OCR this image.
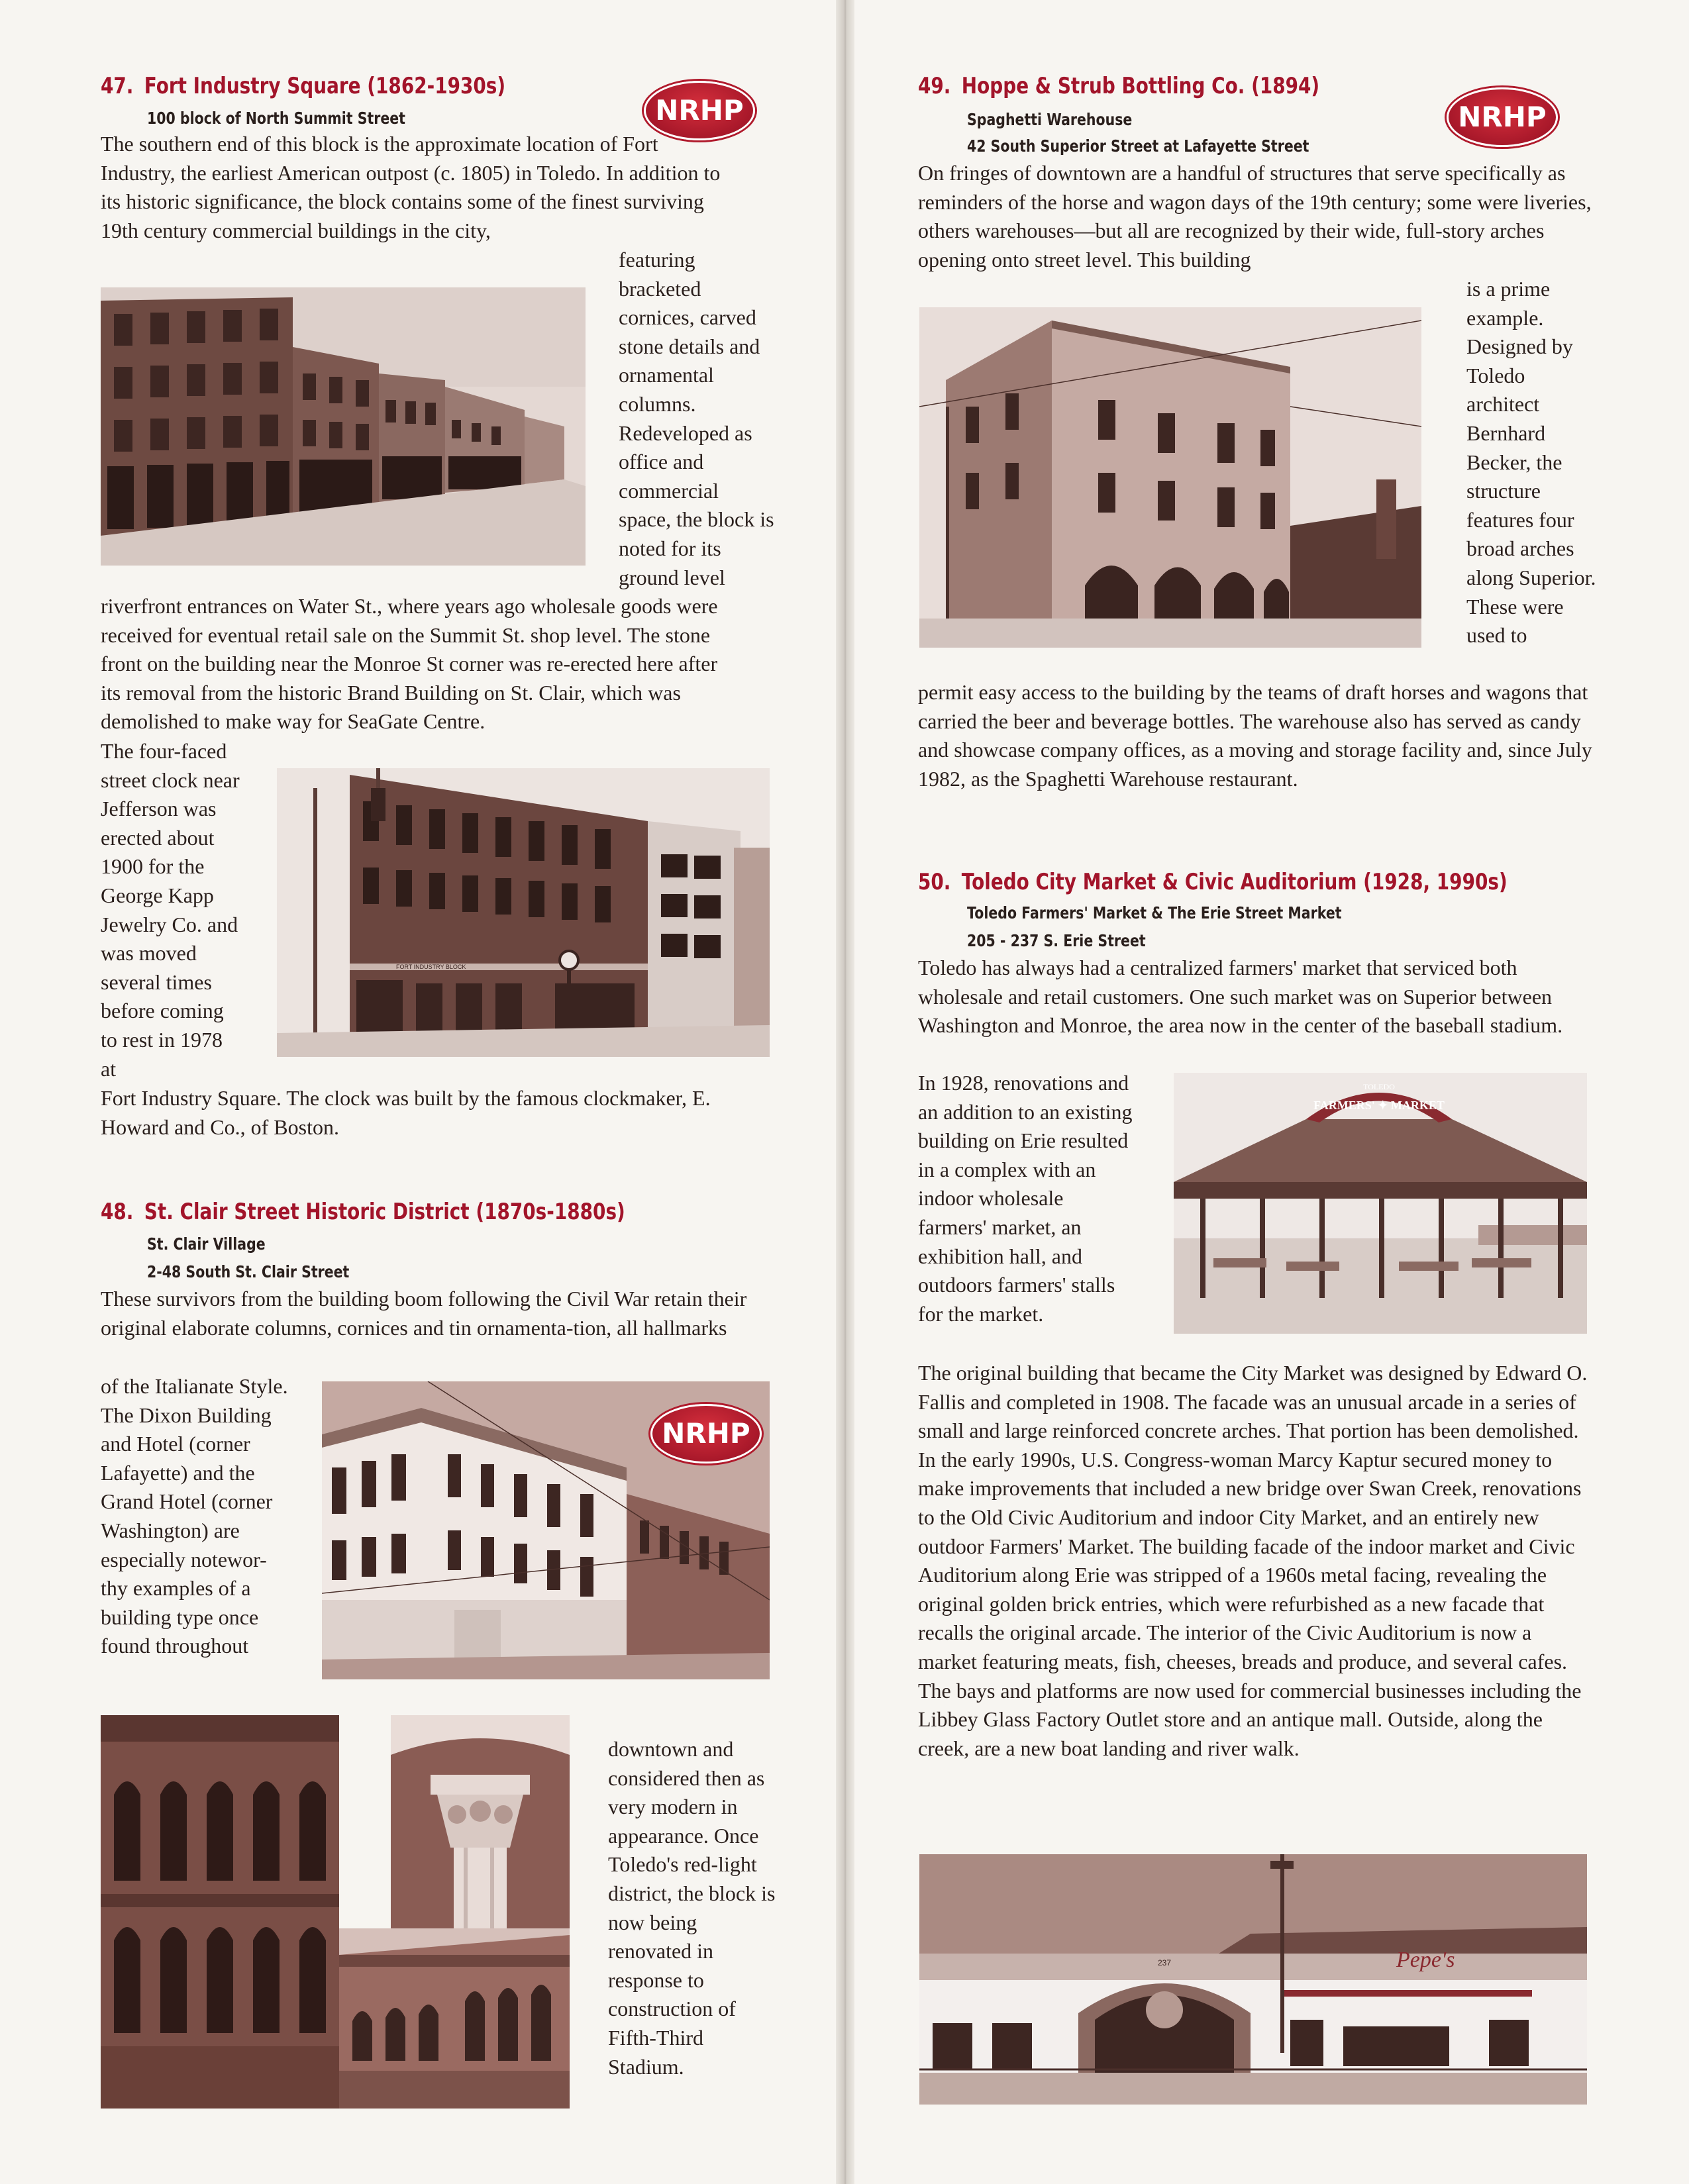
47. Fort Industry Square (1862-1930s)
100 block of North Summit Street	NRHP

The southern end of this block is the approximate location of Fort Industry, the earliest American outpost (c. 1805) in Toledo. In addition to its historic significance, the block contains some of the finest surviving 19th century commercial buildings in the city,

featuring bracketed cornices, carved stone details and ornamental columns. Redeveloped as office and commercial space, the block is noted for its ground level

riverfront entrances on Water St., where years ago wholesale goods were received for eventual retail sale on the Summit St. shop level. The stone front on the building near the Monroe St corner was re-erected here after its removal from the historic Brand Building on St. Clair, which was demolished to make way for SeaGate Centre.

The four-faced street clock near Jefferson was erected about 1900 for the George Kapp Jewelry Co. and was moved several times before coming to rest in 1978 at

Fort Industry Square. The clock was built by the famous clockmaker, E. Howard and Co., of Boston.

FORT INDUSTRY BLOCK
48. St. Clair Street Historic District (1870s-1880s)
St. Clair Village
2-48 South St. Clair Street

These survivors from the building boom following the Civil War retain their original elaborate columns, cornices and tin ornamenta-tion, all hallmarks

of the Italianate Style. The Dixon Building and Hotel (corner Lafayette) and the Grand Hotel (corner Washington) are especially notewor-thy examples of a building type once found throughout

downtown and considered then as very modern in appearance. Once Toledo's red-light district, the block is now being renovated in response to construction of Fifth-Third Stadium.

NRHP
49. Hoppe & Strub Bottling Co. (1894)
Spaghetti Warehouse
42 South Superior Street at Lafayette Street
NRHP

On fringes of downtown are a handful of structures that serve specifically as reminders of the horse and wagon days of the 19th century; some were liveries, others warehouses—but all are recognized by their wide, full-story arches opening onto street level. This building

is a prime example. Designed by Toledo architect Bernhard Becker, the structure features four broad arches along Superior. These were used to

permit easy access to the building by the teams of draft horses and wagons that carried the beer and beverage bottles. The warehouse also has served as candy and showcase company offices, as a moving and storage facility and, since July 1982, as the Spaghetti Warehouse restaurant.

50. Toledo City Market & Civic Auditorium (1928, 1990s)
Toledo Farmers' Market & The Erie Street Market
205 - 237 S. Erie Street

Toledo has always had a centralized farmers' market that serviced both wholesale and retail customers. One such market was on Superior between Washington and Monroe, the area now in the center of the baseball stadium.

In 1928, renovations and an addition to an existing building on Erie resulted in a complex with an indoor wholesale farmers' market, an exhibition hall, and outdoors farmers' stalls for the market.

The original building that became the City Market was designed by Edward O. Fallis and completed in 1908. The facade was an unusual arcade in a series of small and large reinforced concrete arches. That portion has been demolished. In the early 1990s, U.S. Congress-woman Marcy Kaptur secured money to make improvements that included a new bridge over Swan Creek, renovations to the Old Civic Auditorium and indoor City Market, and an entirely new outdoor Farmers' Market. The building facade of the indoor market and Civic Auditorium along Erie was stripped of a 1960s metal facing, revealing the original golden brick entries, which were refurbished as a new facade that recalls the original arcade. The interior of the Civic Auditorium is now a market featuring meats, fish, cheeses, breads and produce, and several cafes. The bays and platforms are now used for commercial businesses including the Libbey Glass Factory Outlet store and an antique mall. Outside, along the creek, are a new boat landing and river walk.

TOLEDO
FARMERS' ✦ MARKET
237	Pepe's
